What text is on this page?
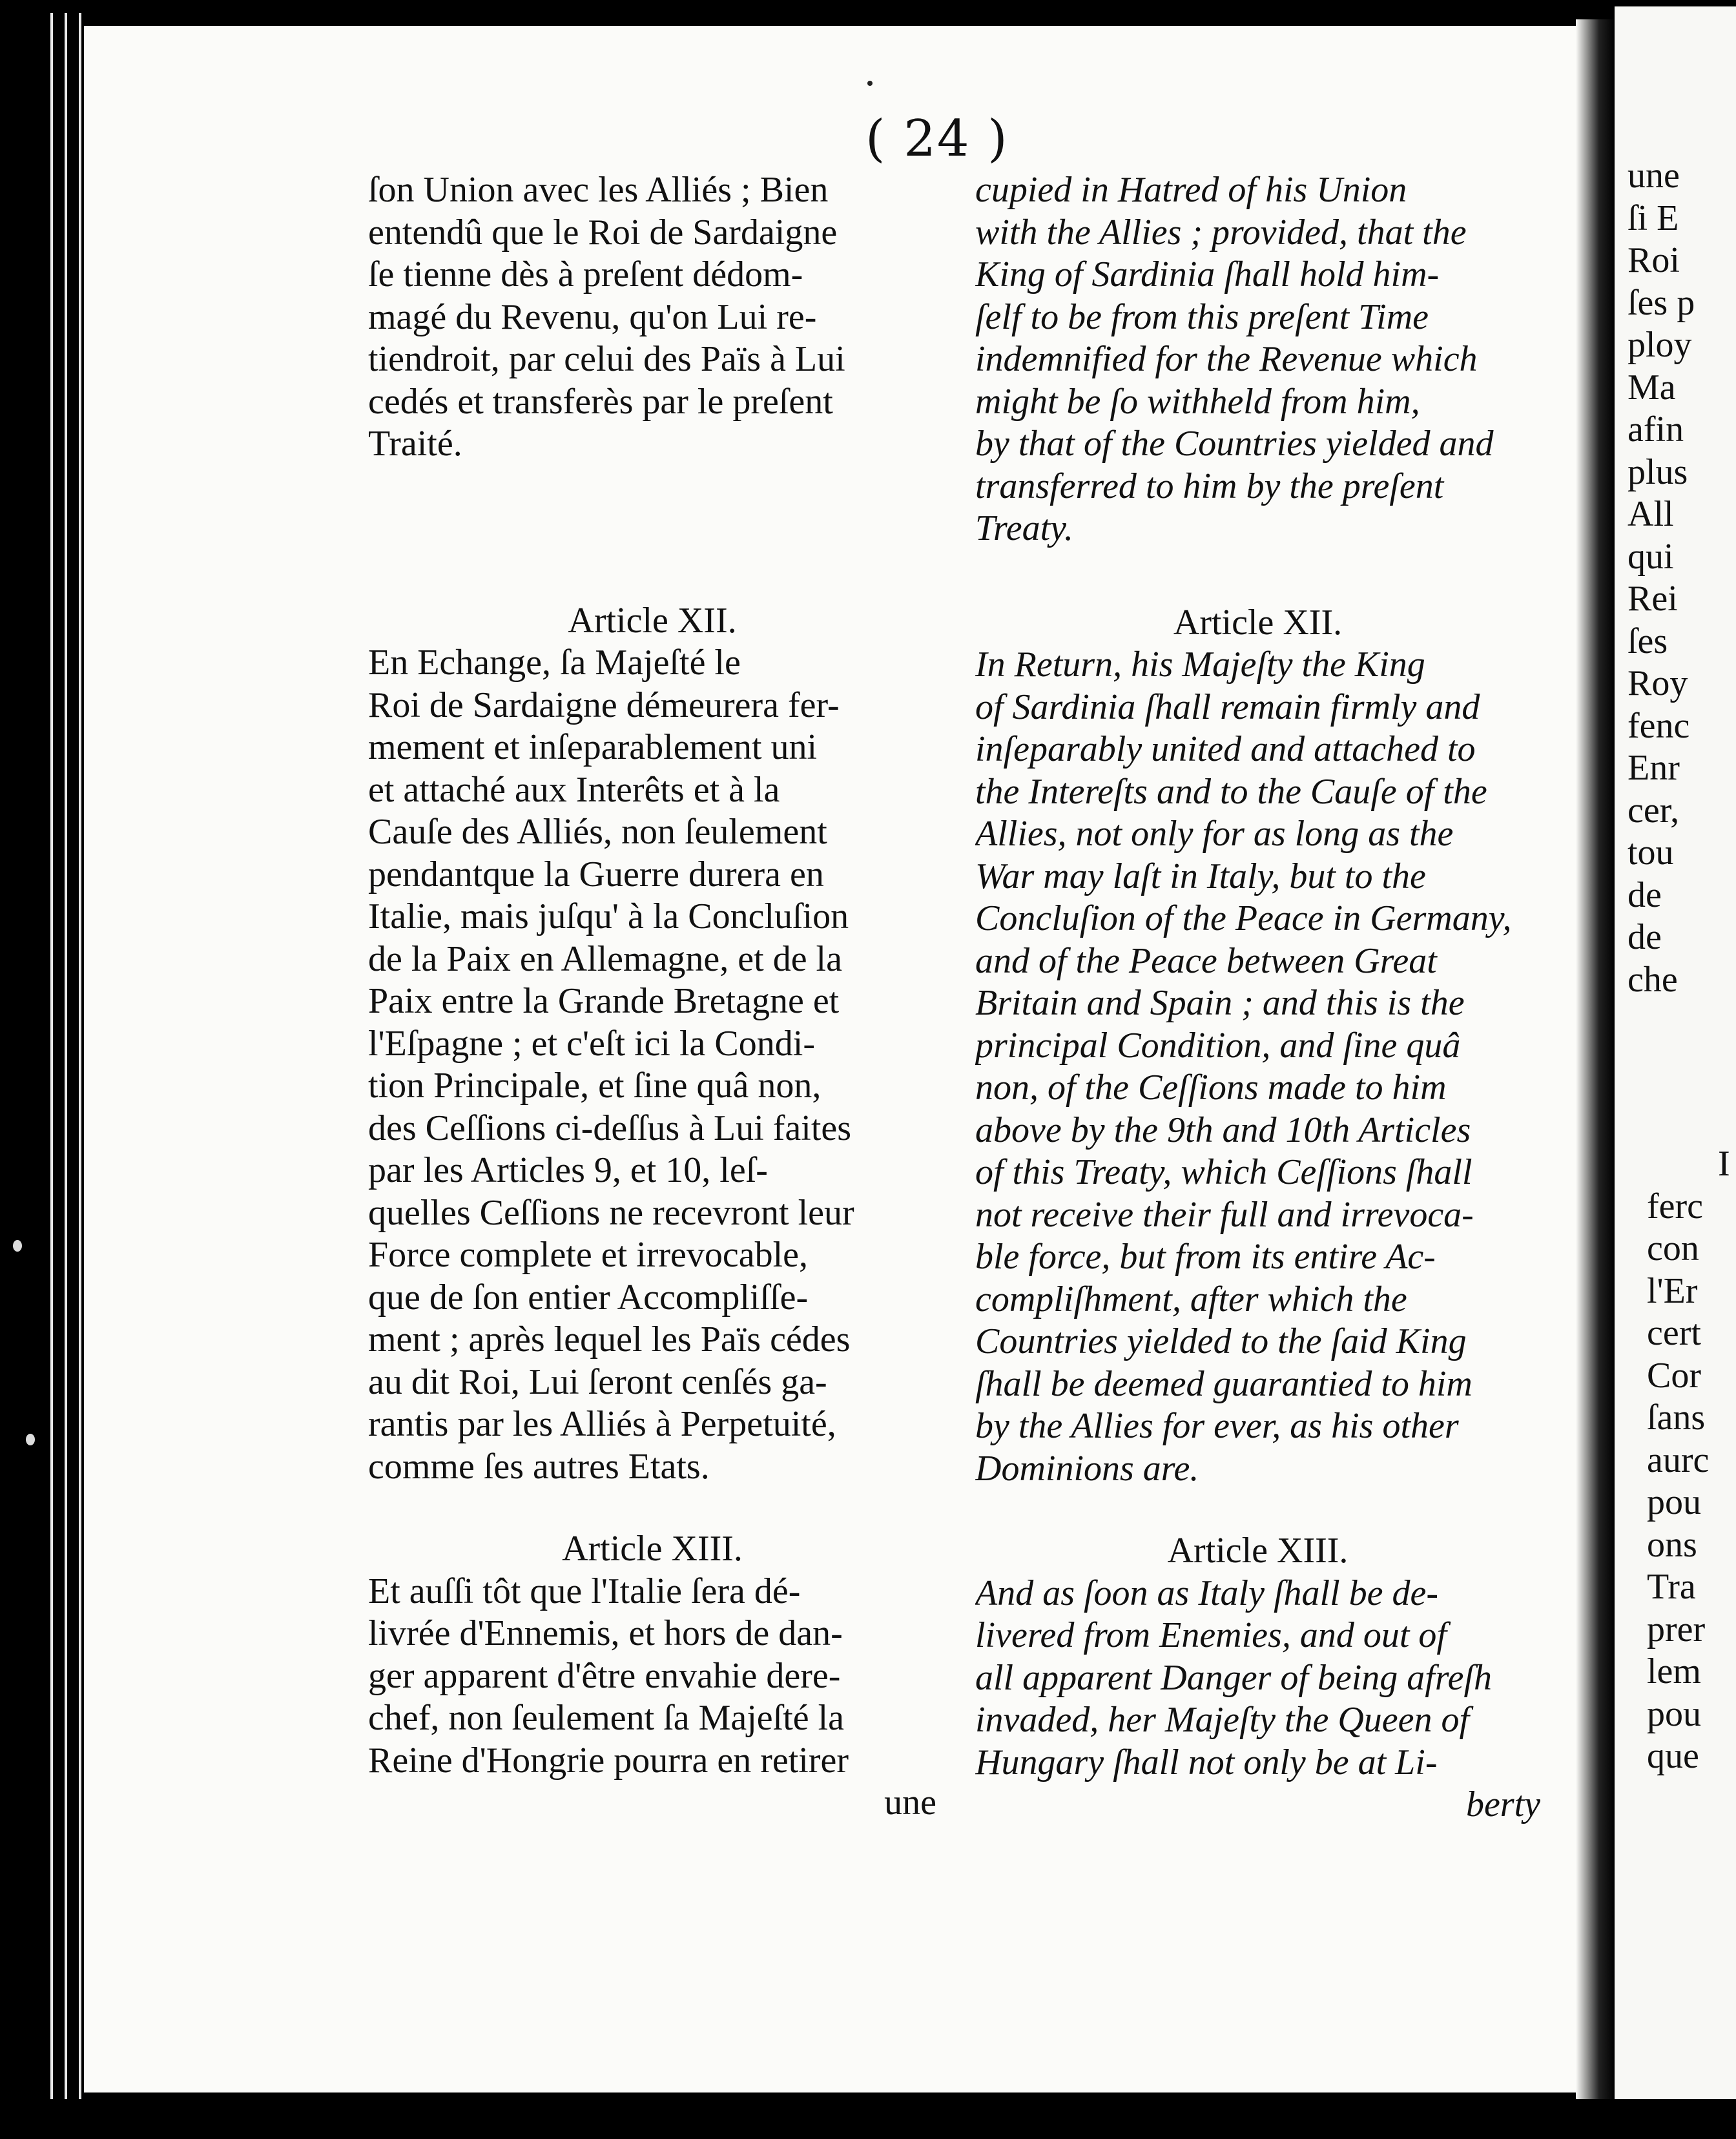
( 24 )
ſon Union avec les Alliés ; Bien
entendû que le Roi de Sardaigne
ſe tienne dès à preſent dédom-
magé du Revenu, qu'on Lui re-
tiendroit, par celui des Païs à Lui
cedés et transferès par le preſent
Traité.
Article XII.
En Echange, ſa Majeſté le
Roi de Sardaigne démeurera fer-
mement et inſeparablement uni
et attaché aux Interêts et à la
Cauſe des Alliés, non ſeulement
pendantque la Guerre durera en
Italie, mais juſqu' à la Concluſion
de la Paix en Allemagne, et de la
Paix entre la Grande Bretagne et
l'Eſpagne ; et c'eſt ici la Condi-
tion Principale, et ſine quâ non,
des Ceſſions ci-deſſus à Lui faites
par les Articles 9, et 10, leſ-
quelles Ceſſions ne recevront leur
Force complete et irrevocable,
que de ſon entier Accompliſſe-
ment ; après lequel les Païs cédes
au dit Roi, Lui ſeront cenſés ga-
rantis par les Alliés à Perpetuité,
comme ſes autres Etats.
Article XIII.
Et auſſi tôt que l'Italie ſera dé-
livrée d'Ennemis, et hors de dan-
ger apparent d'être envahie dere-
chef, non ſeulement ſa Majeſté la
Reine d'Hongrie pourra en retirer
une
cupied in Hatred of his Union
with the Allies ; provided, that the
King of Sardinia ſhall hold him-
ſelf to be from this preſent Time
indemnified for the Revenue which
might be ſo withheld from him,
by that of the Countries yielded and
transferred to him by the preſent
Treaty.
Article XII.
In Return, his Majeſty the King
of Sardinia ſhall remain firmly and
inſeparably united and attached to
the Intereſts and to the Cauſe of the
Allies, not only for as long as the
War may laſt in Italy, but to the
Concluſion of the Peace in Germany,
and of the Peace between Great
Britain and Spain ; and this is the
principal Condition, and ſine quâ
non, of the Ceſſions made to him
above by the 9th and 10th Articles
of this Treaty, which Ceſſions ſhall
not receive their full and irrevoca-
ble force, but from its entire Ac-
compliſhment, after which the
Countries yielded to the ſaid King
ſhall be deemed guarantied to him
by the Allies for ever, as his other
Dominions are.
Article XIII.
And as ſoon as Italy ſhall be de-
livered from Enemies, and out of
all apparent Danger of being afreſh
invaded, her Majeſty the Queen of
Hungary ſhall not only be at Li-
berty
une
ſi E
Roi
ſes p
ploy
Ma
afin
plus
All
qui
Rei
ſes
Roy
fenc
Enr
cer,
tou
de
de
che
I
ferc
con
l'Er
cert
Cor
ſans
aurc
pou
ons
Tra
prer
lem
pou
que
